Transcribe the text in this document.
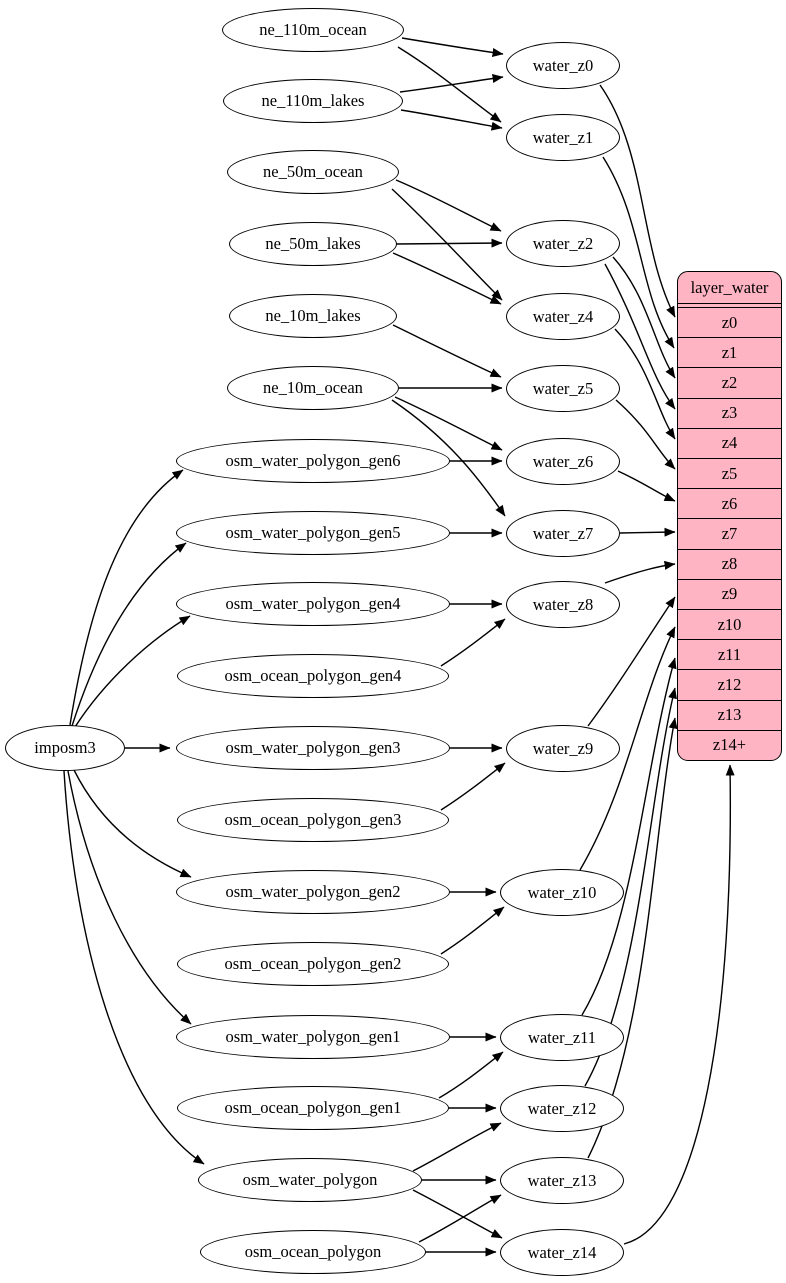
ne_110m_ocean
ne_110m_lakes
ne_50m_ocean
ne_50m_lakes
ne_10m_lakes
ne_10m_ocean
osm_water_polygon_gen6
osm_water_polygon_gen5
osm_water_polygon_gen4
osm_ocean_polygon_gen4
imposm3	osm_water_polygon_gen3
osm_ocean_polygon_gen3
osm_water_polygon_gen2
osm_ocean_polygon_gen2
osm_water_polygon_gen1
osm_ocean_polygon_gen1
osm_water_polygon
osm_ocean_polygon
water_z0
water_z1
water_z2
water_z4
water_z5
water_z6
water_z7
water_z8
water_z9
water_z10
water_z11
water_z12
water_z13
water_z14
layer_water
z0
z1
z2
z3
z4
z5
z6
z7
z8
z9
z10
z11
z12
z13
z14+
